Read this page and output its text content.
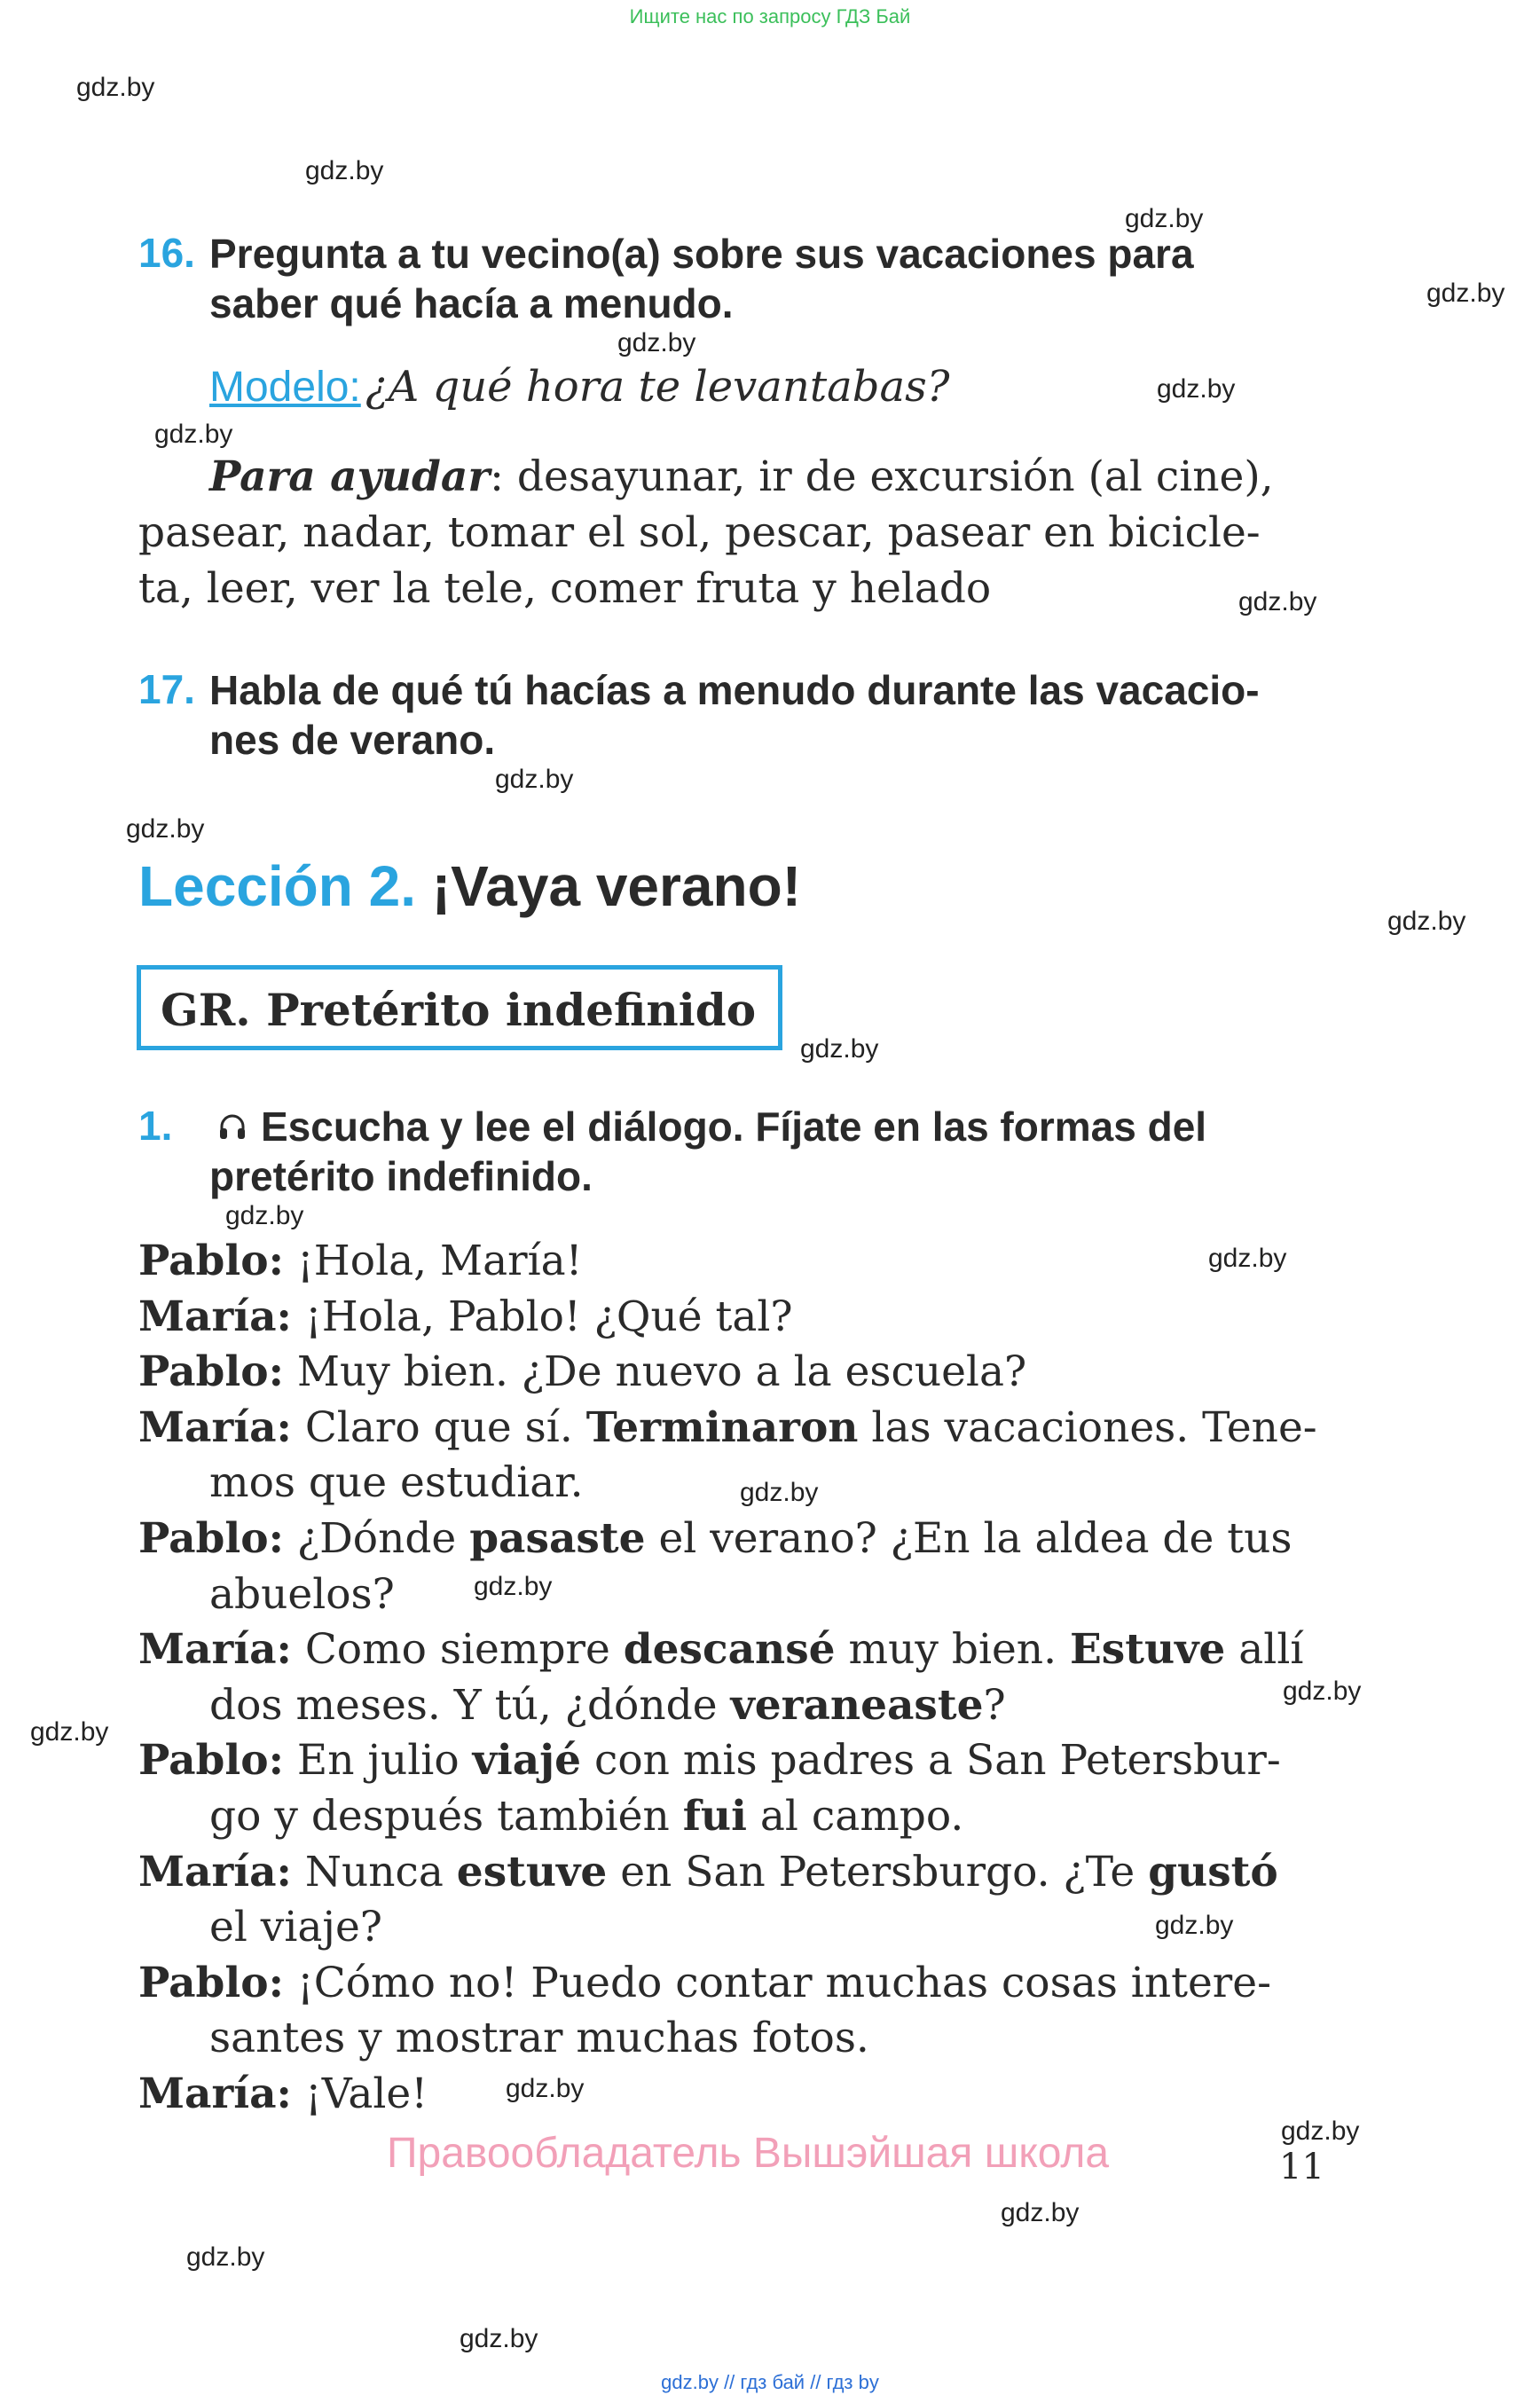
Ищите нас по запросу ГДЗ Бай
gdz.by // гдз бай // гдз by
gdz.by
gdz.by
gdz.by
gdz.by
gdz.by
gdz.by
gdz.by
gdz.by
gdz.by
gdz.by
gdz.by
gdz.by
gdz.by
gdz.by
gdz.by
gdz.by
gdz.by
gdz.by
gdz.by
gdz.by
gdz.by
gdz.by
gdz.by
gdz.by
16. Pregunta a tu vecino(a) sobre sus vacaciones para
saber qué hacía a menudo.
Modelo: ¿A qué hora te levantabas?
Para ayudar: desayunar, ir de excursión (al cine),
pasear, nadar, tomar el sol, pescar, pasear en bicicle-
ta, leer, ver la tele, comer fruta y helado
17. Habla de qué tú hacías a menudo durante las vacacio-
nes de verano.
Lección 2. ¡Vaya verano!
GR. Pretérito indefinido
1. Escucha y lee el diálogo. Fíjate en las formas del
pretérito indefinido.
Pablo: ¡Hola, María!
María: ¡Hola, Pablo! ¿Qué tal?
Pablo: Muy bien. ¿De nuevo a la escuela?
María: Claro que sí. Terminaron las vacaciones. Tene-
mos que estudiar.
Pablo: ¿Dónde pasaste el verano? ¿En la aldea de tus
abuelos?
María: Como siempre descansé muy bien. Estuve allí
dos meses. Y tú, ¿dónde veraneaste?
Pablo: En julio viajé con mis padres a San Petersbur-
go y después también fui al campo.
María: Nunca estuve en San Petersburgo. ¿Te gustó
el viaje?
Pablo: ¡Cómo no! Puedo contar muchas cosas intere-
santes y mostrar muchas fotos.
María: ¡Vale!
Правообладатель Вышэйшая школа	11
